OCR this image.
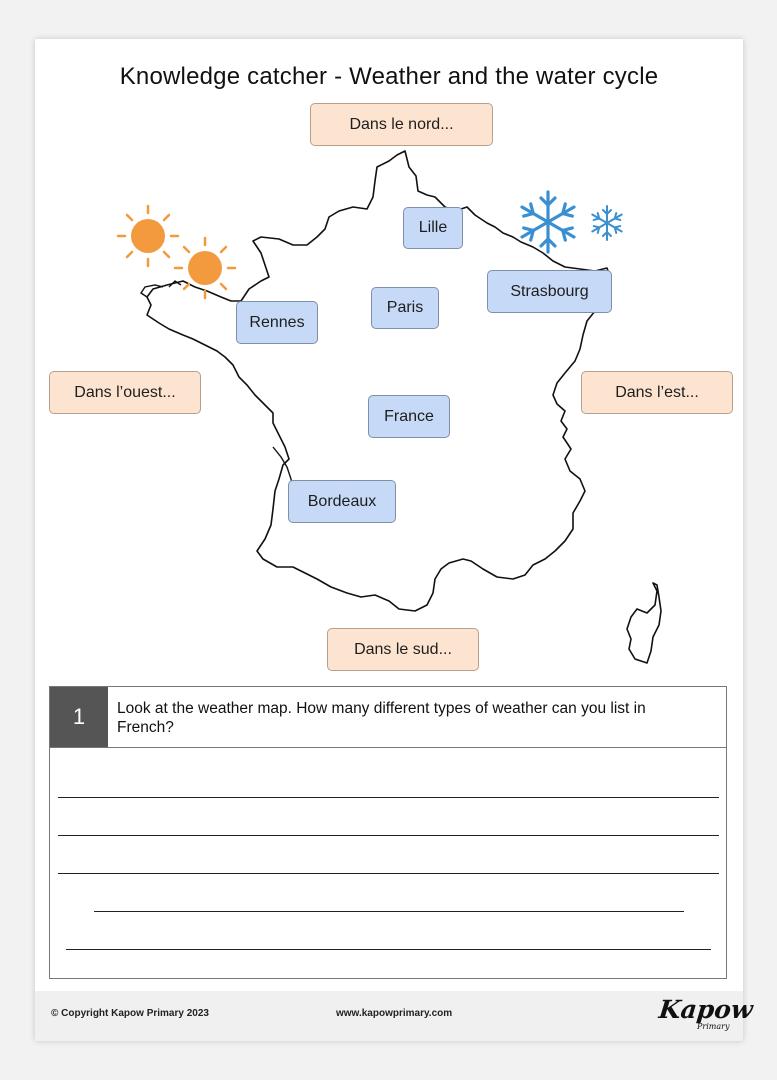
Knowledge catcher - Weather and the water cycle
Dans le nord...
Dans l’ouest...	Dans l’est...
Dans le sud...
Lille
Paris
Strasbourg
Rennes
France
Bordeaux
1	Look at the weather map. How many different types of weather can you list in French?
© Copyright Kapow Primary 2023	www.kapowprimary.com	Kapow
Primary
